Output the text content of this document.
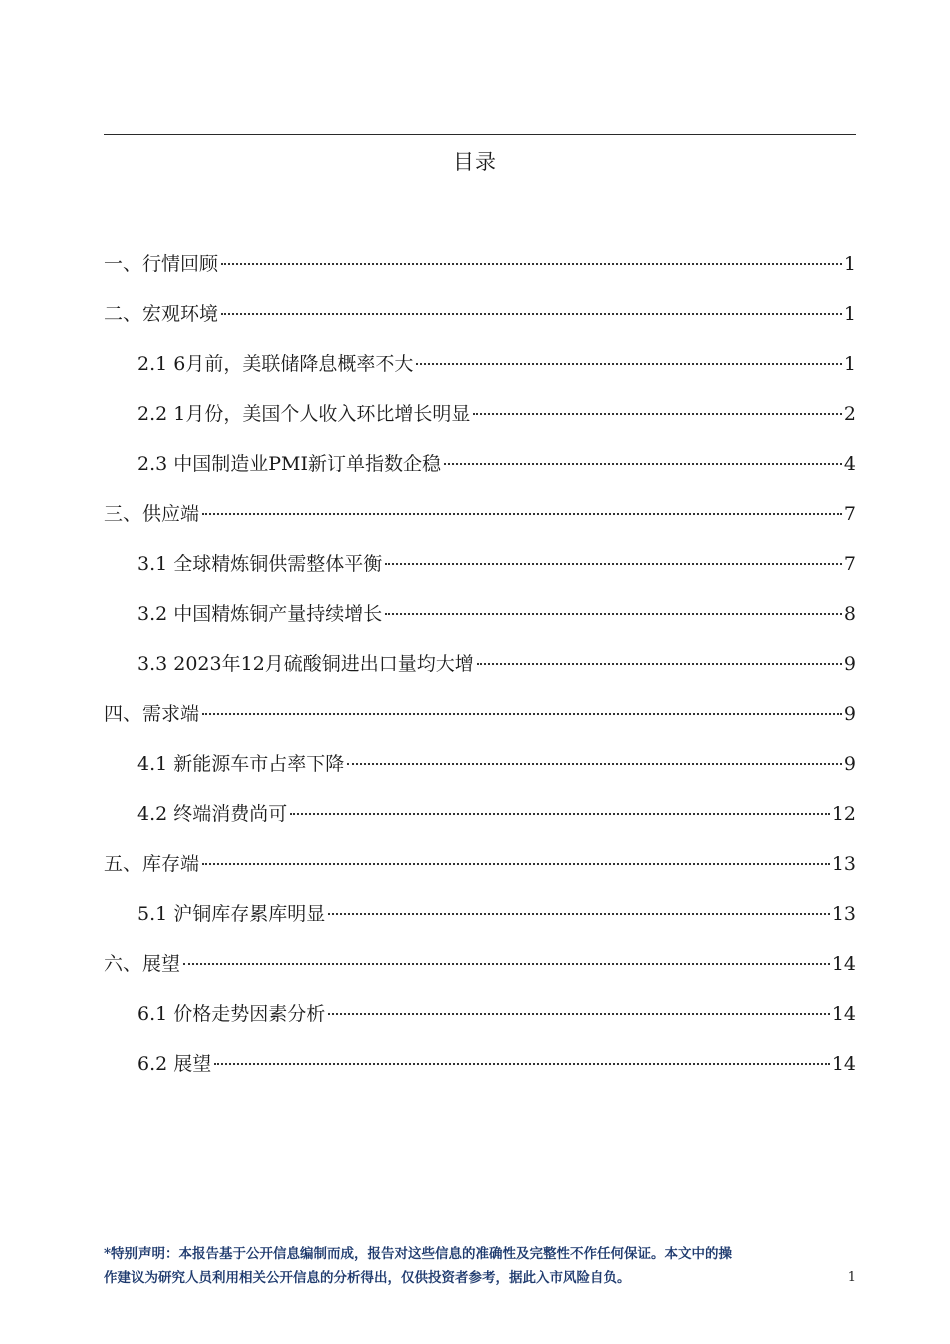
目录
一、行情回顾	1
二、宏观环境	1
2.1 6月前，美联储降息概率不大	1
2.2 1月份，美国个人收入环比增长明显	2
2.3 中国制造业PMI新订单指数企稳	4
三、供应端	7
3.1 全球精炼铜供需整体平衡	7
3.2 中国精炼铜产量持续增长	8
3.3 2023年12月硫酸铜进出口量均大增	9
四、需求端	9
4.1 新能源车市占率下降	9
4.2 终端消费尚可	12
五、库存端	13
5.1 沪铜库存累库明显	13
六、展望	14
6.1 价格走势因素分析	14
6.2 展望	14
*特别声明：本报告基于公开信息编制而成，报告对这些信息的准确性及完整性不作任何保证。本文中的操
作建议为研究人员利用相关公开信息的分析得出，仅供投资者参考，据此入市风险自负。	1
